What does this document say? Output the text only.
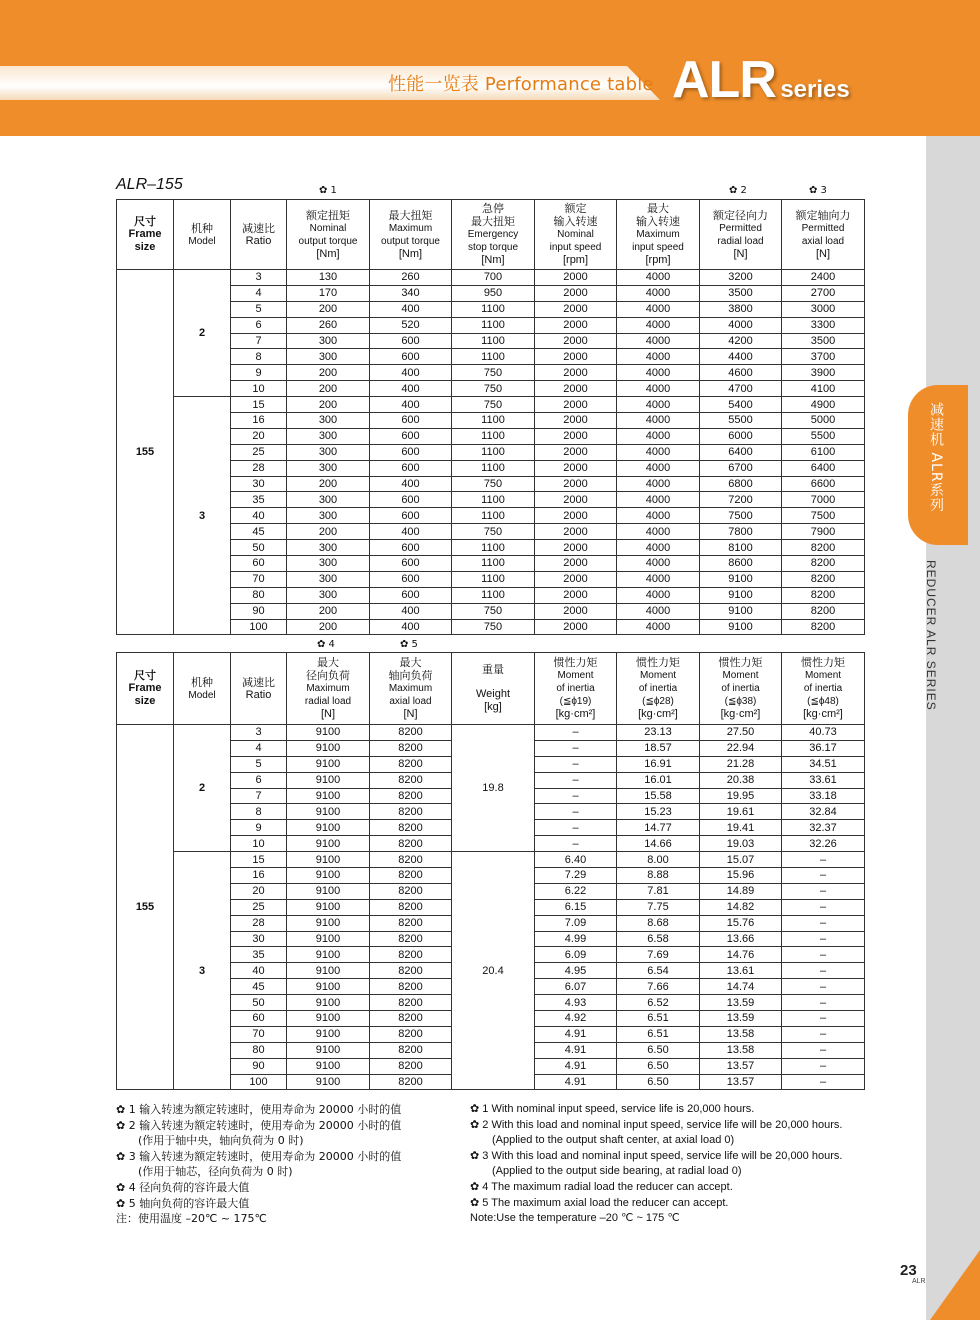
性能一览表 Performance table ALR series
减速机 ALR系列
REDUCER ALR SERIES
23
ALR
ALR–155	✿ 1	✿ 2	✿ 3
✿ 4	✿ 5
尺寸
Frame size	机种
Model	减速比
Ratio	额定扭矩
Nominal
output torque
[Nm]	最大扭矩
Maximum
output torque
[Nm]	急停
最大扭矩
Emergency
stop torque
[Nm]	额定
输入转速
Nominal
input speed
[rpm]	最大
输入转速
Maximum
input speed
[rpm]	额定径向力
Permitted
radial load
[N]	额定轴向力
Permitted
axial load
[N]

155	2	3	130	260	700	2000	4000	3200	2400
		4	170	340	950	2000	4000	3500	2700
		5	200	400	1100	2000	4000	3800	3000
		6	260	520	1100	2000	4000	4000	3300
		7	300	600	1100	2000	4000	4200	3500
		8	300	600	1100	2000	4000	4400	3700
		9	200	400	750	2000	4000	4600	3900
		10	200	400	750	2000	4000	4700	4100
	3	15	200	400	750	2000	4000	5400	4900
		16	300	600	1100	2000	4000	5500	5000
		20	300	600	1100	2000	4000	6000	5500
		25	300	600	1100	2000	4000	6400	6100
		28	300	600	1100	2000	4000	6700	6400
		30	200	400	750	2000	4000	6800	6600
		35	300	600	1100	2000	4000	7200	7000
		40	300	600	1100	2000	4000	7500	7500
		45	200	400	750	2000	4000	7800	7900
		50	300	600	1100	2000	4000	8100	8200
		60	300	600	1100	2000	4000	8600	8200
		70	300	600	1100	2000	4000	9100	8200
		80	300	600	1100	2000	4000	9100	8200
		90	200	400	750	2000	4000	9100	8200
		100	200	400	750	2000	4000	9100	8200
尺寸
Frame size	机种
Model	减速比
Ratio	最大
径向负荷
Maximum
radial load
[N]	最大
轴向负荷
Maximum
axial load
[N]	重量
Weight
[kg]	惯性力矩
Moment
of inertia
(≦ϕ19)
[kg·cm²]	惯性力矩
Moment
of inertia
(≦ϕ28)
[kg·cm²]	惯性力矩
Moment
of inertia
(≦ϕ38)
[kg·cm²]	惯性力矩
Moment
of inertia
(≦ϕ48)
[kg·cm²]

155	2	3	9100	8200	19.8	–	23.13	27.50	40.73
		4	9100	8200		–	18.57	22.94	36.17
		5	9100	8200		–	16.91	21.28	34.51
		6	9100	8200		–	16.01	20.38	33.61
		7	9100	8200		–	15.58	19.95	33.18
		8	9100	8200		–	15.23	19.61	32.84
		9	9100	8200		–	14.77	19.41	32.37
		10	9100	8200		–	14.66	19.03	32.26
	3	15	9100	8200	20.4	6.40	8.00	15.07	–
		16	9100	8200		7.29	8.88	15.96	–
		20	9100	8200		6.22	7.81	14.89	–
		25	9100	8200		6.15	7.75	14.82	–
		28	9100	8200		7.09	8.68	15.76	–
		30	9100	8200		4.99	6.58	13.66	–
		35	9100	8200		6.09	7.69	14.76	–
		40	9100	8200		4.95	6.54	13.61	–
		45	9100	8200		6.07	7.66	14.74	–
		50	9100	8200		4.93	6.52	13.59	–
		60	9100	8200		4.92	6.51	13.59	–
		70	9100	8200		4.91	6.51	13.58	–
		80	9100	8200		4.91	6.50	13.58	–
		90	9100	8200		4.91	6.50	13.57	–
		100	9100	8200		4.91	6.50	13.57	–
✿ 1 输入转速为额定转速时，使用寿命为 20000 小时的值
✿ 2 输入转速为额定转速时，使用寿命为 20000 小时的值
(作用于轴中央，轴向负荷为 0 时)
✿ 3 输入转速为额定转速时，使用寿命为 20000 小时的值
(作用于轴芯，径向负荷为 0 时)
✿ 4 径向负荷的容许最大值
✿ 5 轴向负荷的容许最大值
注：使用温度 –20℃ ~ 175℃
✿ 1 With nominal input speed, service life is 20,000 hours.
✿ 2 With this load and nominal input speed, service life will be 20,000 hours.
(Applied to the output shaft center, at axial load 0)
✿ 3 With this load and nominal input speed, service life will be 20,000 hours.
(Applied to the output side bearing, at radial load 0)
✿ 4 The maximum radial load the reducer can accept.
✿ 5 The maximum axial load the reducer can accept.
Note:Use the temperature –20 ℃ ~ 175 ℃
